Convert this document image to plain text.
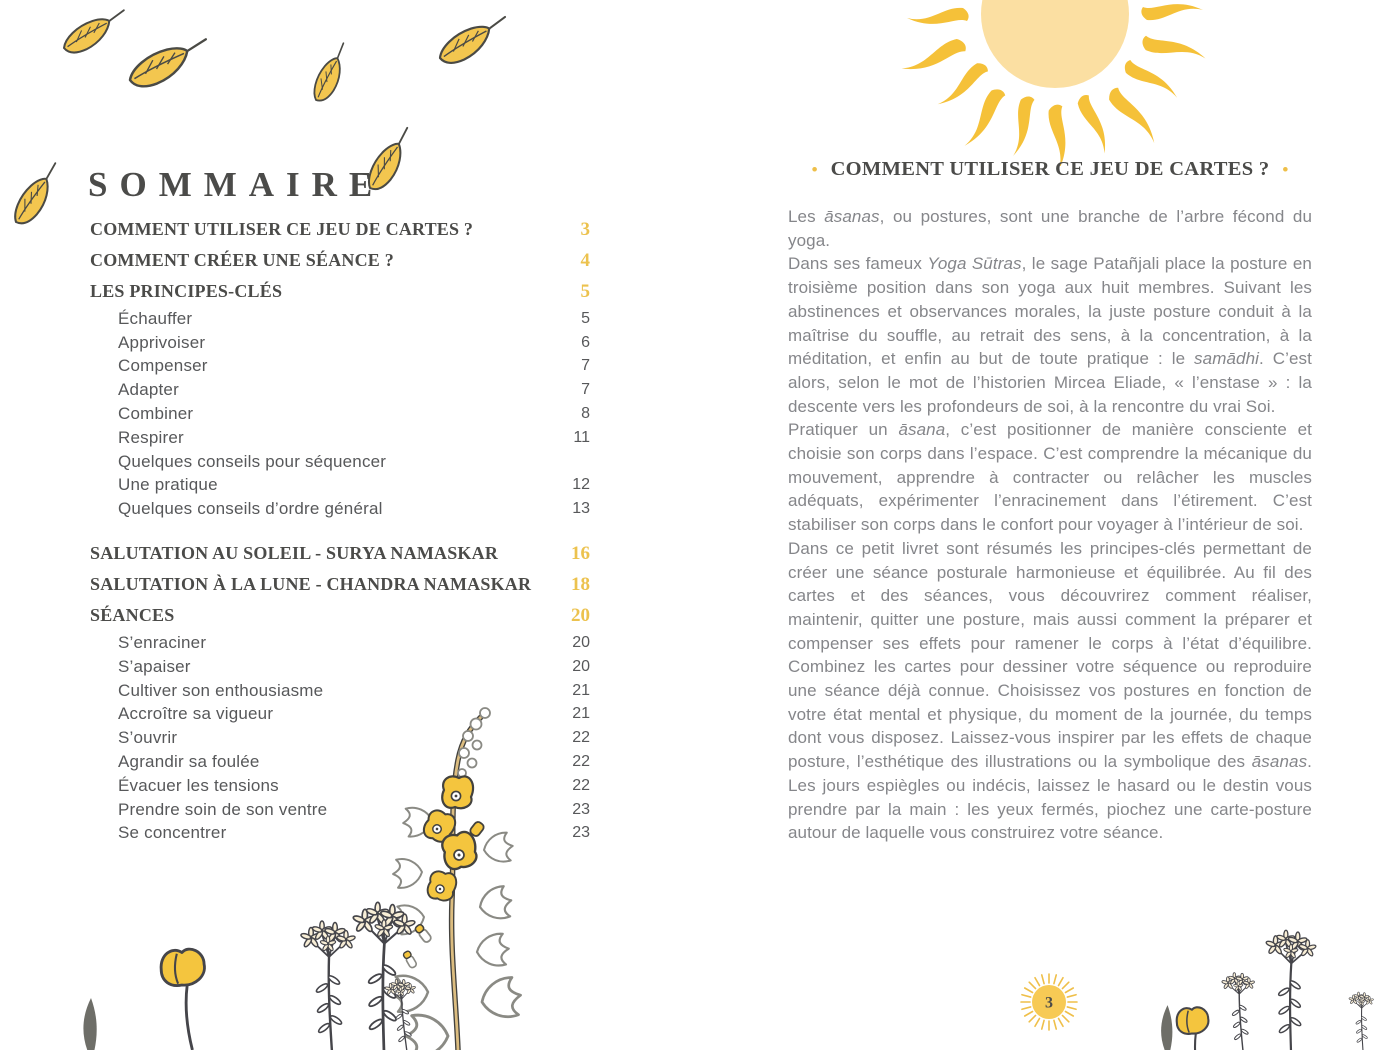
SOMMAIRE
COMMENT UTILISER CE JEU DE CARTES ?	3
COMMENT CRÉER UNE SÉANCE ?	4
LES PRINCIPES-CLÉS	5
Échauffer	5
Apprivoiser	6
Compenser	7
Adapter	7
Combiner	8
Respirer	11
Quelques conseils pour séquencer
Une pratique	12
Quelques conseils d’ordre général	13
SALUTATION AU SOLEIL - SURYA NAMASKAR	16
SALUTATION À LA LUNE - CHANDRA NAMASKAR 18
SÉANCES	20
S’enraciner	20
S’apaiser	20
Cultiver son enthousiasme	21
Accroître sa vigueur	21
S’ouvrir	22
Agrandir sa foulée	22
Évacuer les tensions	22
Prendre soin de son ventre	23
Se concentrer	23
• COMMENT UTILISER CE JEU DE CARTES ? •

Les āsanas, ou postures, sont une branche de l’arbre fécond du yoga.

Dans ses fameux Yoga Sūtras, le sage Patañjali place la posture en troisième position dans son yoga aux huit membres. Suivant les abstinences et observances morales, la juste posture conduit à la maîtrise du souffle, au retrait des sens, à la concentration, à la méditation, et enfin au but de toute pratique : le samādhi. C’est alors, selon le mot de l’historien Mircea Eliade, « l’enstase » : la descente vers les profondeurs de soi, à la rencontre du vrai Soi.

Pratiquer un āsana, c’est positionner de manière consciente et choisie son corps dans l’espace. C’est comprendre la mécanique du mouvement, apprendre à contracter ou relâcher les muscles adéquats, expérimenter l’enracinement dans l’étirement. C’est stabiliser son corps dans le confort pour voyager à l’intérieur de soi.

Dans ce petit livret sont résumés les principes-clés permettant de créer une séance posturale harmonieuse et équilibrée. Au fil des cartes et des séances, vous découvrirez comment réaliser, maintenir, quitter une posture, mais aussi comment la préparer et compenser ses effets pour ramener le corps à l’état d’équilibre. Combinez les cartes pour dessiner votre séquence ou reproduire une séance déjà connue. Choisissez vos postures en fonction de votre état mental et physique, du moment de la journée, du temps dont vous disposez. Laissez-vous inspirer par les effets de chaque posture, l’esthétique des illustrations ou la symbolique des āsanas. Les jours espiègles ou indécis, laissez le hasard ou le destin vous prendre par la main : les yeux fermés, piochez une carte-posture autour de laquelle vous construirez votre séance.

3
